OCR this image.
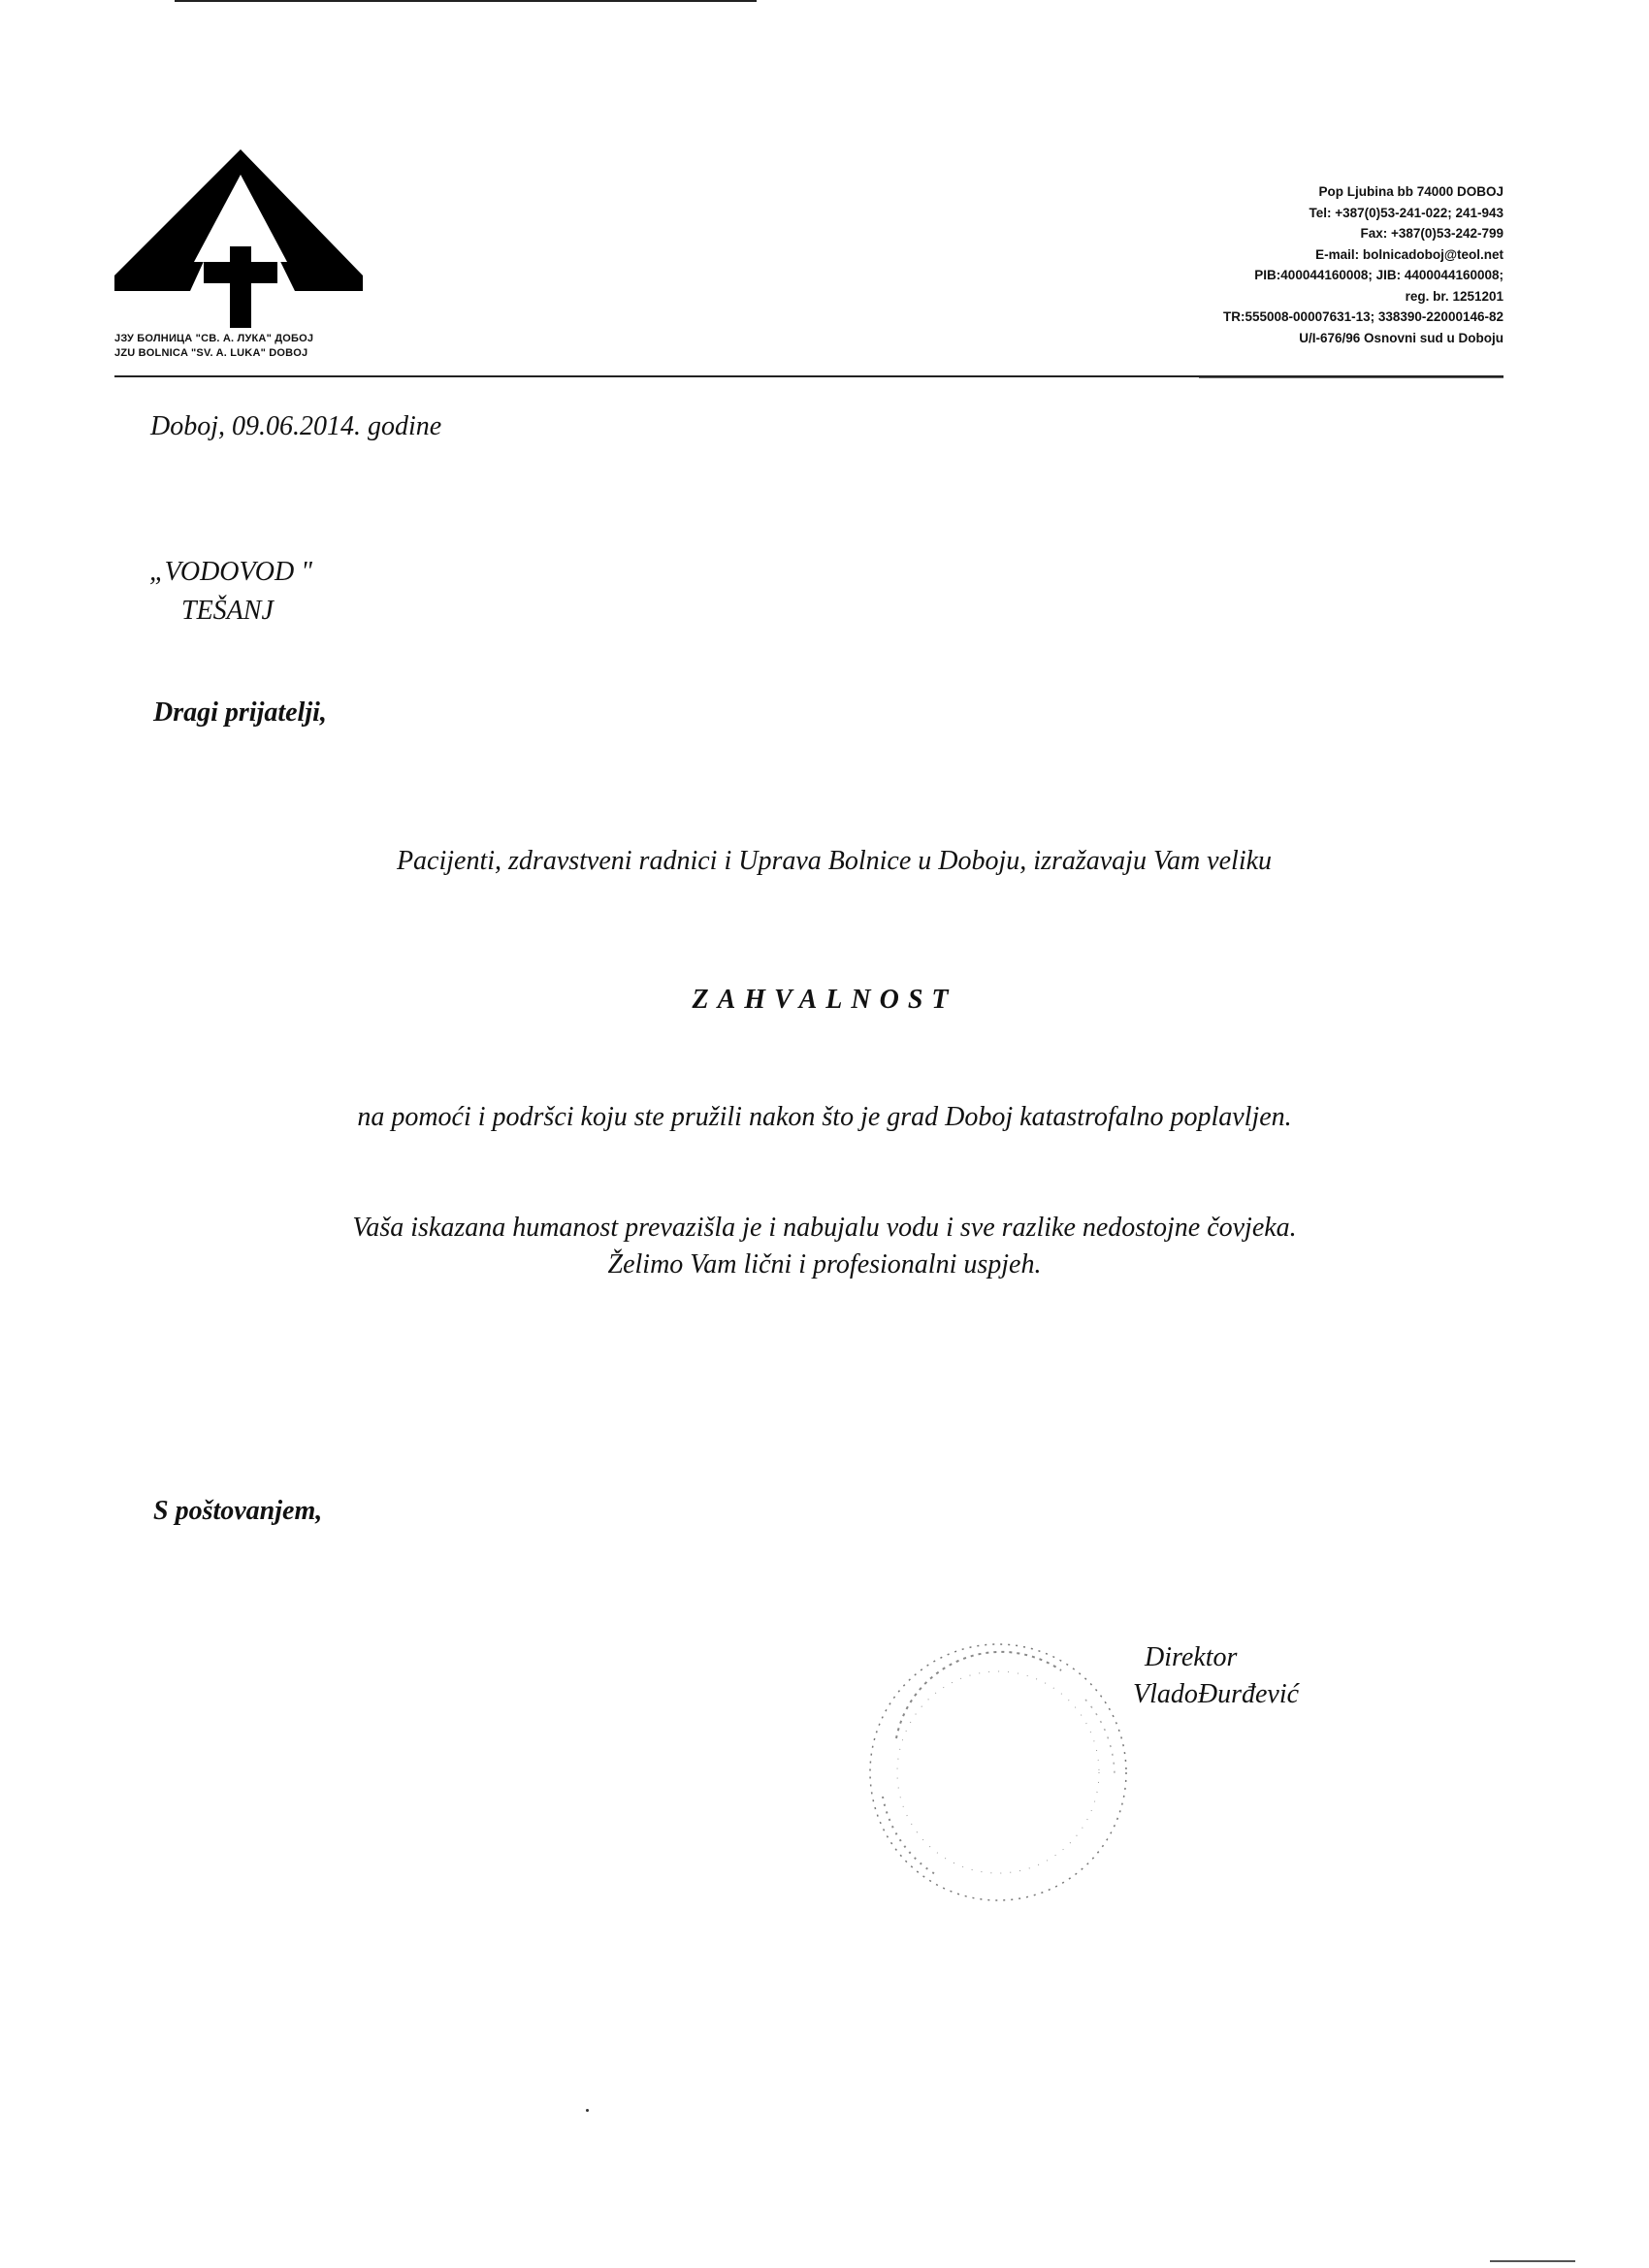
ЈЗУ БОЛНИЦА "СВ. А. ЛУКА" ДОБОЈ
JZU BOLNICA "SV. A. LUKA" DOBOJ
Pop Ljubina bb 74000 DOBOJ
Tel: +387(0)53-241-022; 241-943
Fax: +387(0)53-242-799
E-mail: bolnicadoboj@teol.net
PIB:400044160008; JIB: 4400044160008;
reg. br. 1251201
TR:555008-00007631-13; 338390-22000146-82
U/I-676/96 Osnovni sud u Doboju
Doboj, 09.06.2014. godine
„VODOVOD "
TEŠANJ
Dragi prijatelji,
Pacijenti, zdravstveni radnici i Uprava Bolnice u Doboju, izražavaju Vam veliku
ZAHVALNOST
na pomoći i podršci koju ste pružili nakon što je grad Doboj katastrofalno poplavljen.
Vaša iskazana humanost prevazišla je i nabujalu vodu i sve razlike nedostojne čovjeka.
Želimo Vam lični i profesionalni uspjeh.
S poštovanjem,
Direktor
VladoĐurđević
